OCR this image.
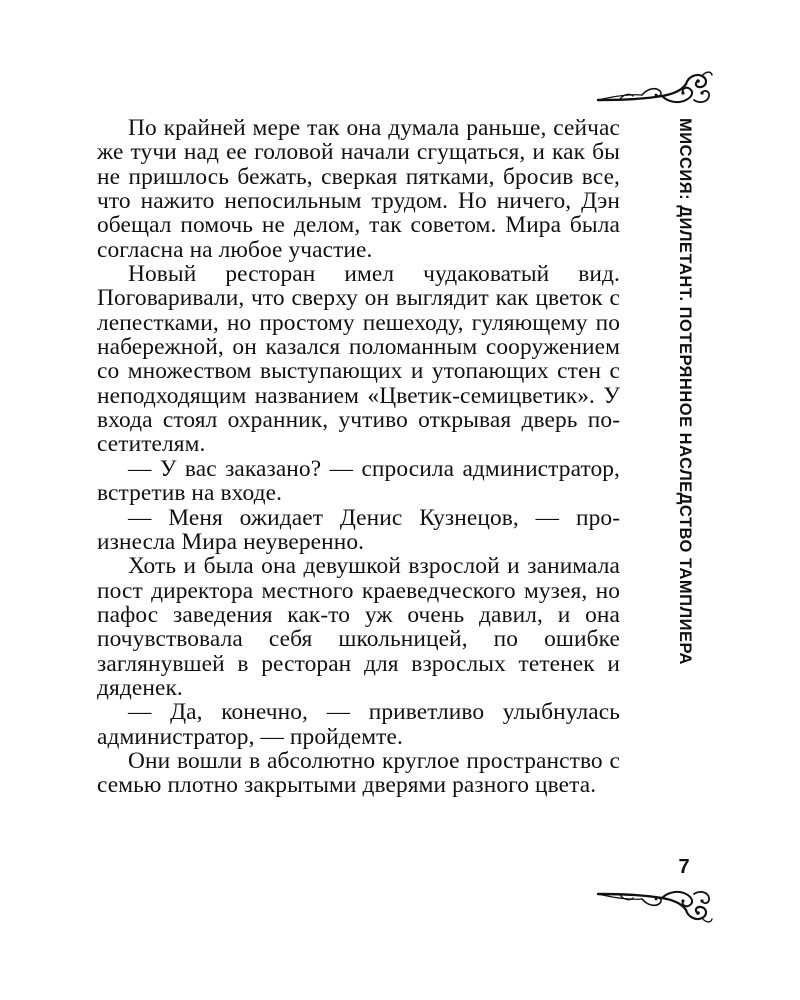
По крайней мере так она думала раньше, сейчас же тучи над ее головой начали сгущаться, и как бы не пришлось бежать, сверкая пятками, бросив все, что нажито непосильным трудом. Но ничего, Дэн обещал помочь не делом, так советом. Мира была согласна на любое участие.

Новый ресторан имел чудаковатый вид. Поговаривали, что сверху он выглядит как цветок с лепестками, но простому пешеходу, гуляющему по набережной, он казался поломанным сооружением со множеством выступающих и утопающих стен с неподходящим названием «Цветик-семицветик». У входа стоял охранник, учтиво открывая дверь посетителям.

— У вас заказано? — спросила администратор, встретив на входе.

— Меня ожидает Денис Кузнецов, — произнесла Мира неуверенно.

Хоть и была она девушкой взрослой и занимала пост директора местного краеведческого музея, но пафос заведения как-то уж очень давил, и она почувствовала себя школьницей, по ошибке заглянувшей в ресторан для взрослых тетенек и дяденек.

— Да, конечно, — приветливо улыбнулась администратор, — пройдемте.

Они вошли в абсолютно круглое пространство с семью плотно закрытыми дверями разного цвета.

МИССИЯ: ДИЛЕТАНТ. ПОТЕРЯННОЕ НАСЛЕДСТВО ТАМПЛИЕРА
7
